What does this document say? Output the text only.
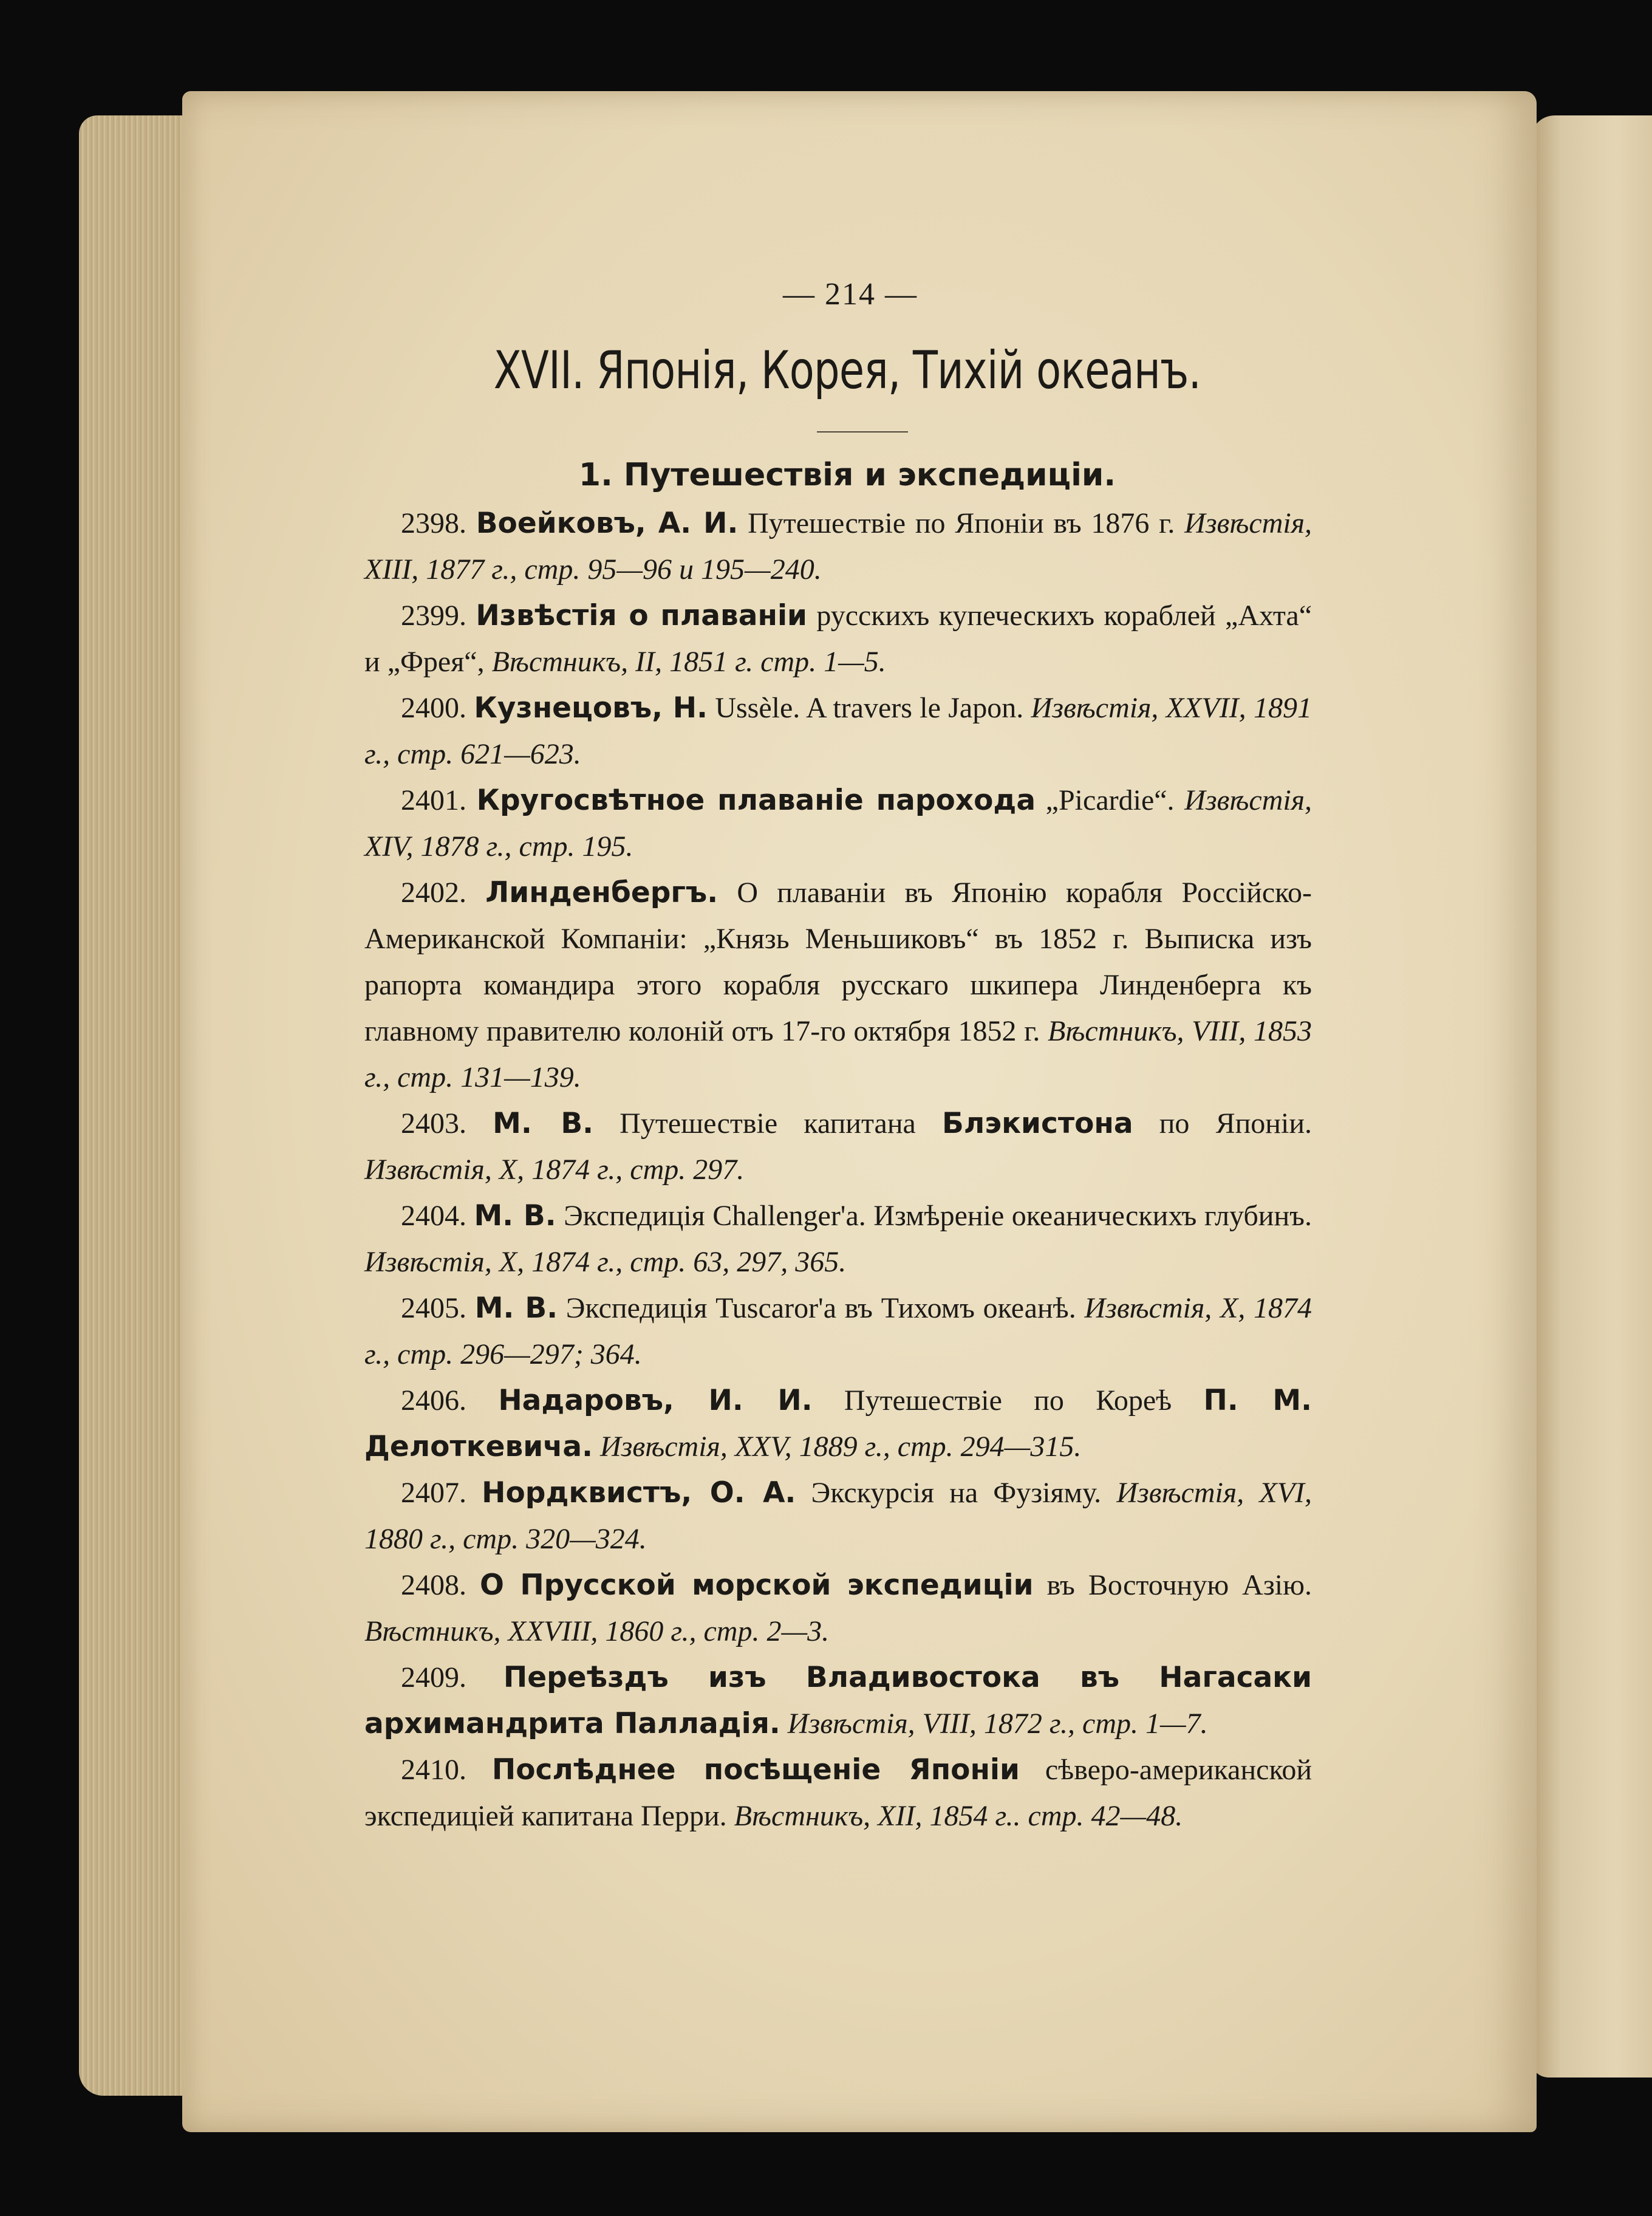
— 214 —
XVII. Японія, Корея, Тихій океанъ.
1. Путешествія и экспедиціи.

2398. Воейковъ, А. И. Путешествіе по Японіи въ 1876 г. Извѣстія, XIII, 1877 г., стр. 95—96 и 195—240.

2399. Извѣстія о плаваніи русскихъ купеческихъ кораблей „Ахта“ и „Фрея“, Вѣстникъ, II, 1851 г. стр. 1—5.

2400. Кузнецовъ, Н. Ussèle. A travers le Japon. Извѣстія, XXVII, 1891 г., стр. 621—623.

2401. Кругосвѣтное плаваніе парохода „Picardie“. Извѣстія, XIV, 1878 г., стр. 195.

2402. Линденбергъ. О плаваніи въ Японію корабля Россійско-Американской Компаніи: „Князь Меньшиковъ“ въ 1852 г. Выписка изъ рапорта командира этого корабля русскаго шкипера Линденберга къ главному правителю колоній отъ 17-го октября 1852 г. Вѣстникъ, VIII, 1853 г., стр. 131—139.

2403. М. В. Путешествіе капитана Блэкистона по Японіи. Извѣстія, X, 1874 г., стр. 297.

2404. М. В. Экспедиція Challenger'а. Измѣреніе океаническихъ глубинъ. Извѣстія, X, 1874 г., стр. 63, 297, 365.

2405. М. В. Экспедиція Tuscaror'а въ Тихомъ океанѣ. Извѣстія, X, 1874 г., стр. 296—297; 364.

2406. Надаровъ, И. И. Путешествіе по Кореѣ П. М. Делоткевича. Извѣстія, XXV, 1889 г., стр. 294—315.

2407. Нордквистъ, О. А. Экскурсія на Фузіяму. Извѣстія, XVI, 1880 г., стр. 320—324.

2408. О Прусской морской экспедиціи въ Восточную Азію. Вѣстникъ, XXVIII, 1860 г., стр. 2—3.

2409. Переѣздъ изъ Владивостока въ Нагасаки архимандрита Палладія. Извѣстія, VIII, 1872 г., стр. 1—7.

2410. Послѣднее посѣщеніе Японіи сѣверо-американской экспедиціей капитана Перри. Вѣстникъ, XII, 1854 г.. стр. 42—48.
